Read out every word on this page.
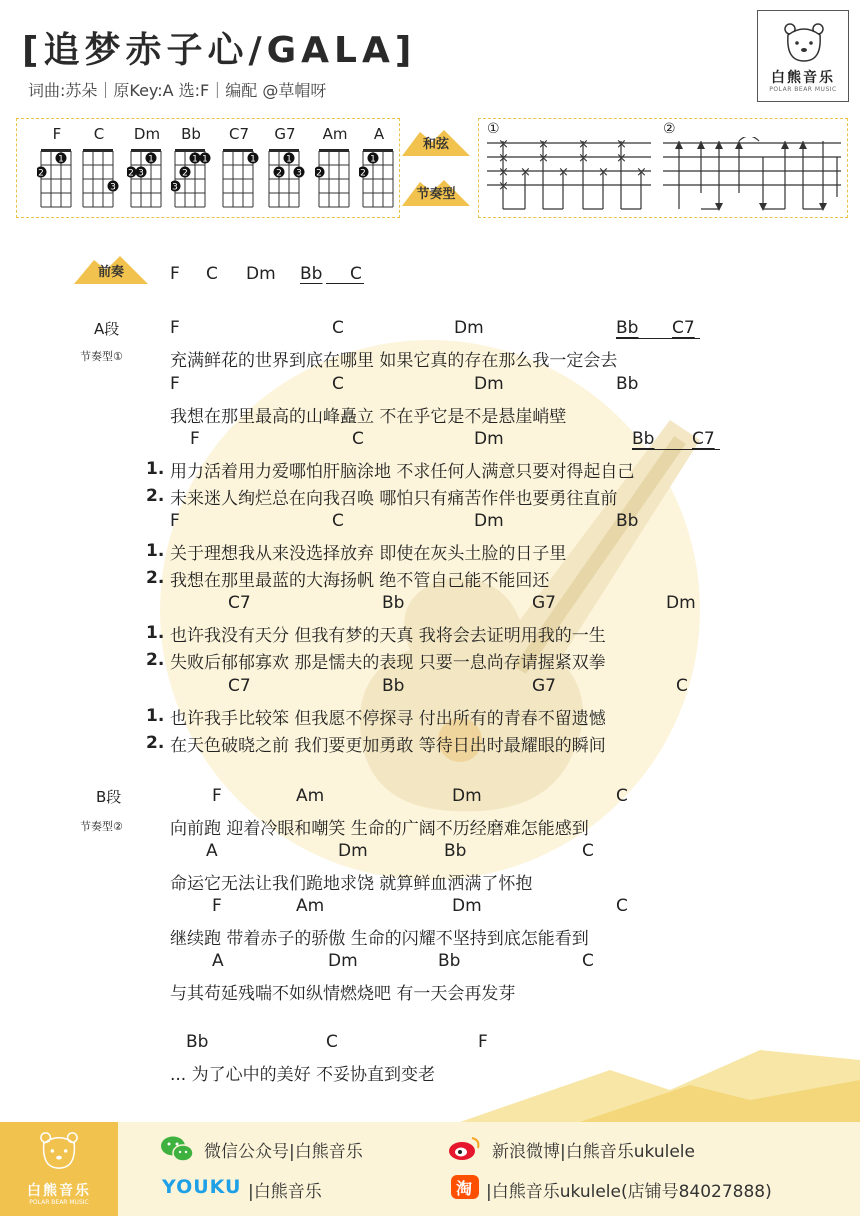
[追梦赤子心/GALA]
词曲:苏朵｜原Key:A 选:F｜编配 @草帽呀
白熊音乐
POLAR BEAR MUSIC
F
2
1
C
3
Dm
2 3
1
Bb
3
2
1 1
C7
1
G7
2
1
3
Am
2
A
2
1
和弦
节奏型
①	②
×
×
×
×
×
×
× ×
×
×
×
×
×
×
前奏	F C Dm Bb C
A段
节奏型①
F	C	Dm	Bb C7
充满鲜花的世界到底在哪里 如果它真的存在那么我一定会去
F	C	Dm	Bb
我想在那里最高的山峰矗立 不在乎它是不是悬崖峭壁
F	C	Dm	Bb C7
1. 用力活着用力爱哪怕肝脑涂地 不求任何人满意只要对得起自己
2. 未来迷人绚烂总在向我召唤 哪怕只有痛苦作伴也要勇往直前
F	C	Dm	Bb
1. 关于理想我从来没选择放弃 即使在灰头土脸的日子里
2. 我想在那里最蓝的大海扬帆 绝不管自己能不能回还
C7	Bb	G7	Dm
1. 也许我没有天分 但我有梦的天真 我将会去证明用我的一生
2. 失败后郁郁寡欢 那是懦夫的表现 只要一息尚存请握紧双拳
C7	Bb	G7	C
1. 也许我手比较笨 但我愿不停探寻 付出所有的青春不留遗憾
2. 在天色破晓之前 我们要更加勇敢 等待日出时最耀眼的瞬间
B段
节奏型②
F	Am	Dm	C
向前跑 迎着冷眼和嘲笑 生命的广阔不历经磨难怎能感到
A	Dm	Bb	C
命运它无法让我们跪地求饶 就算鲜血洒满了怀抱
F	Am	Dm	C
继续跑 带着赤子的骄傲 生命的闪耀不坚持到底怎能看到
A	Dm	Bb	C
与其苟延残喘不如纵情燃烧吧 有一天会再发芽
Bb	C	F
... 为了心中的美好 不妥协直到变老
白熊音乐
POLAR BEAR MUSIC
微信公众号|白熊音乐	新浪微博|白熊音乐ukulele
YOUKU |白熊音乐	淘 |白熊音乐ukulele(店铺号84027888)
